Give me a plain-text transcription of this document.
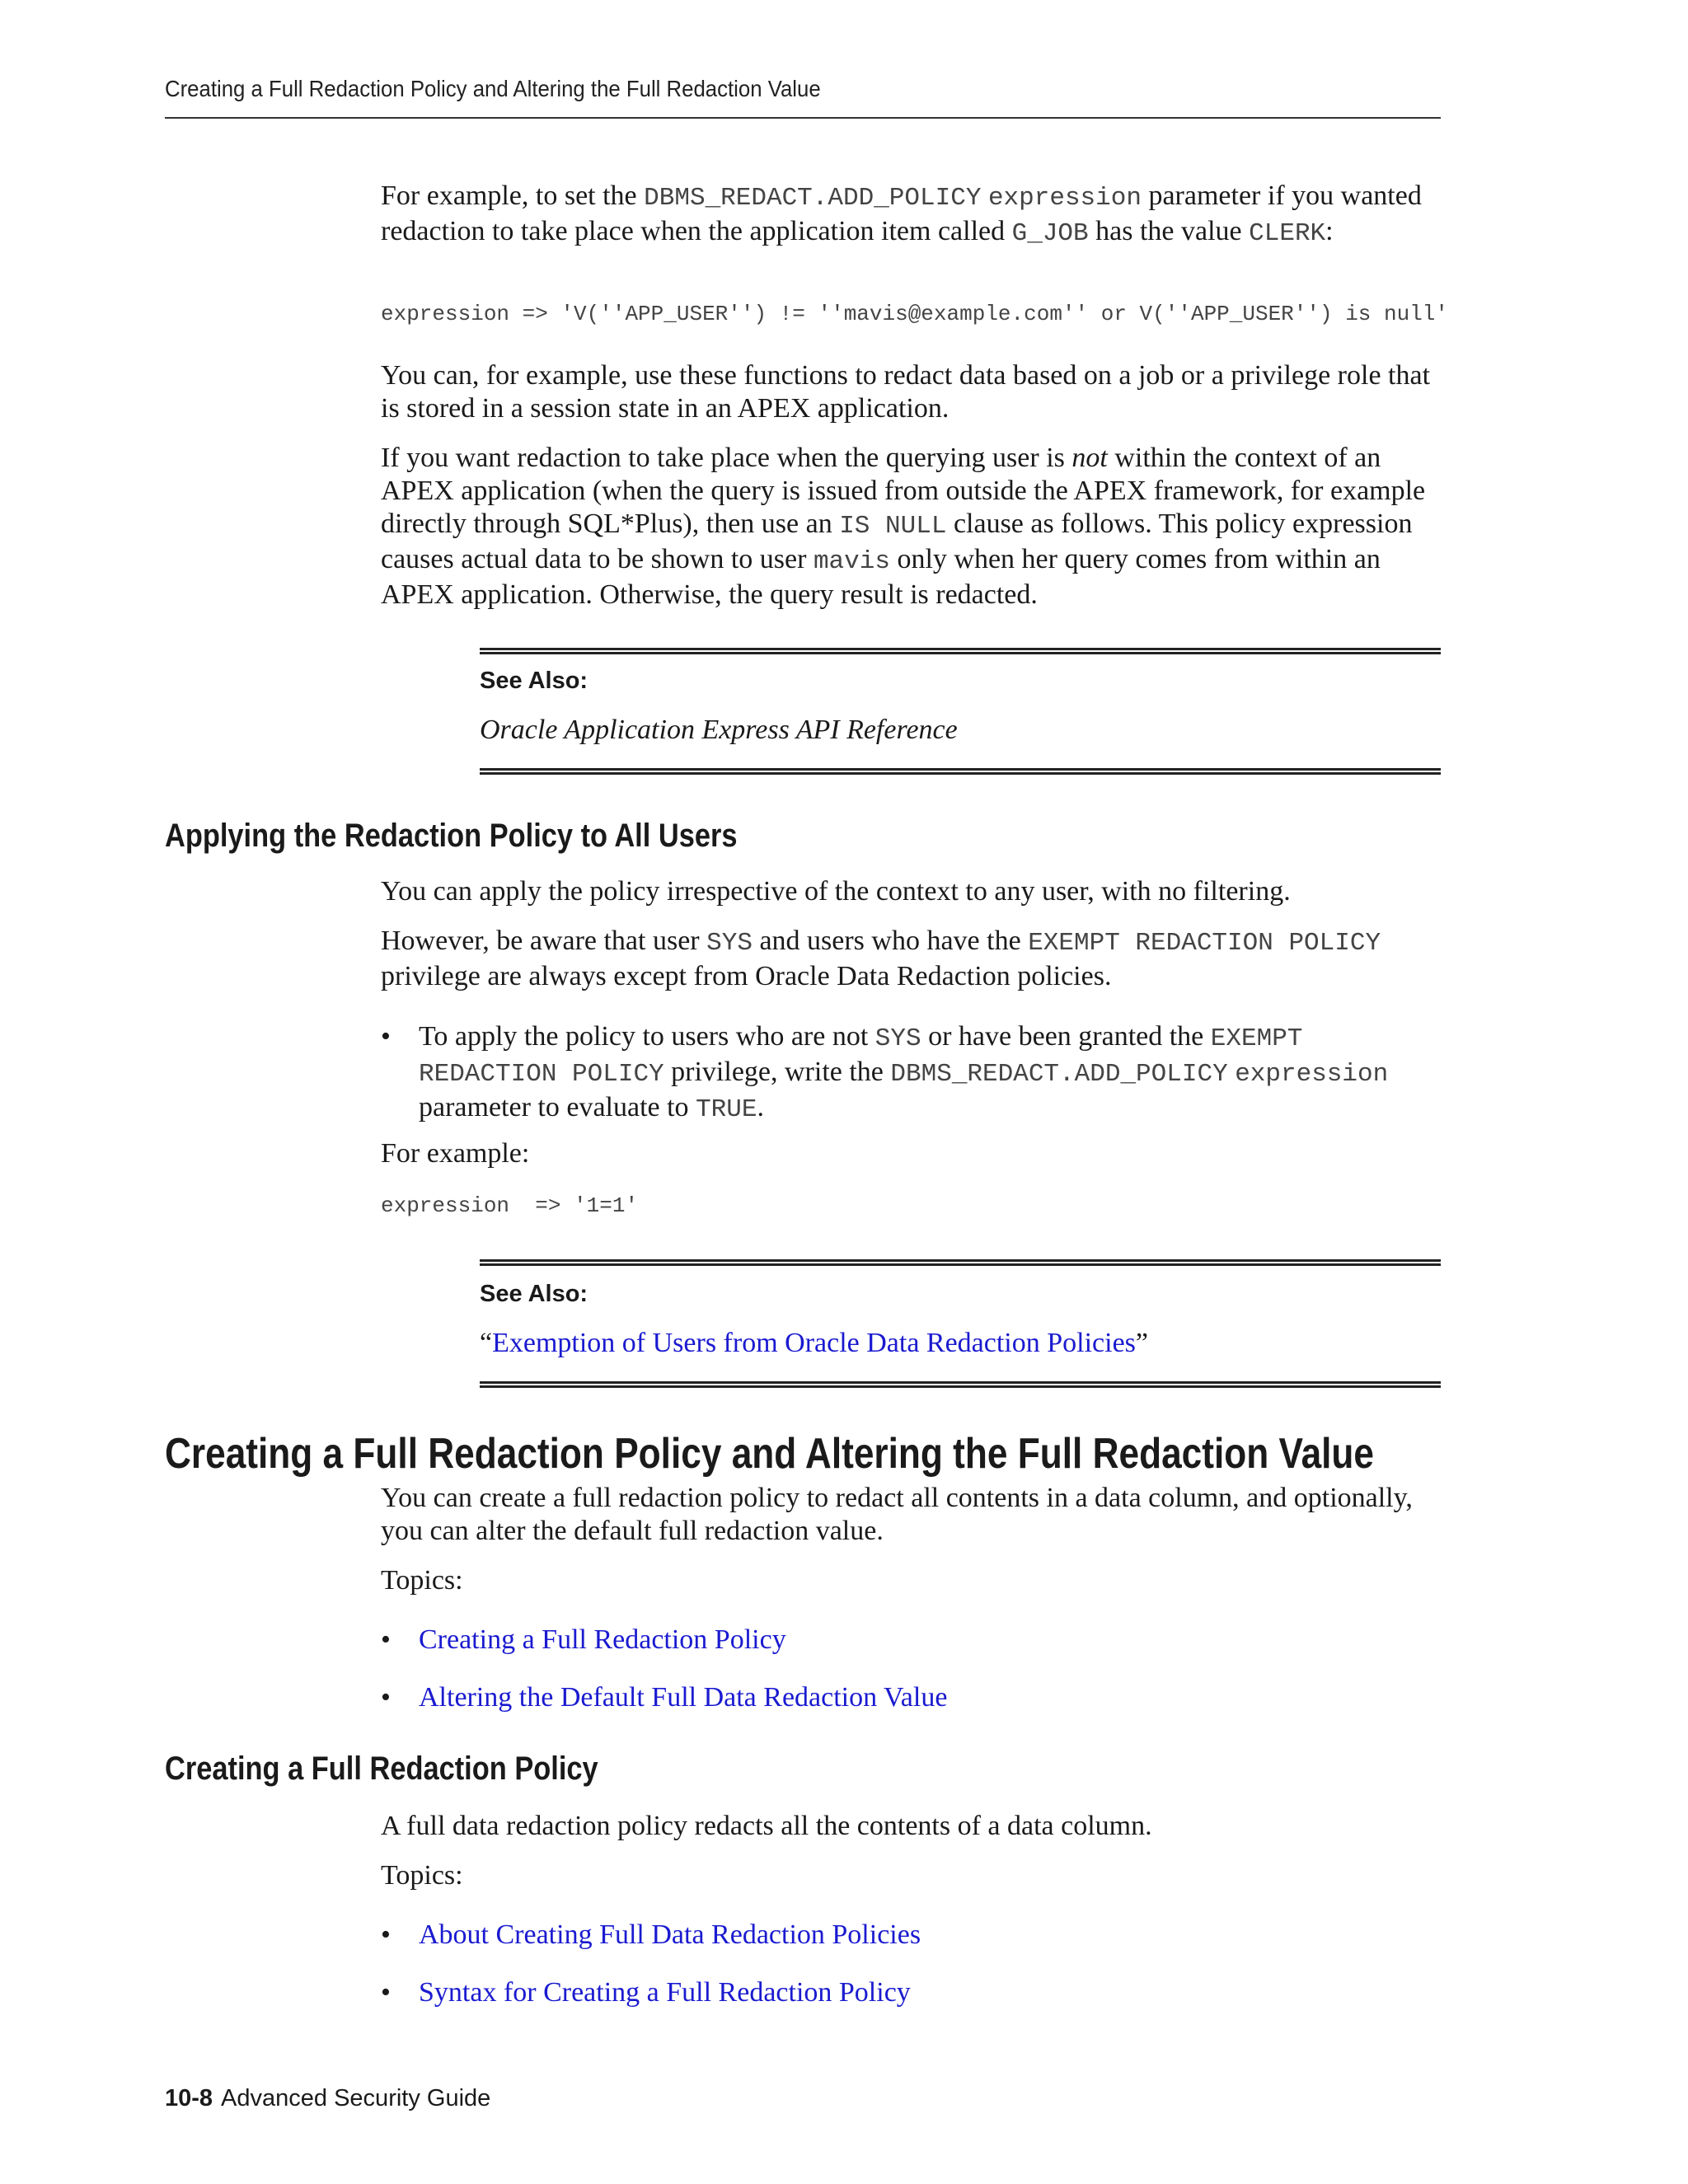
Creating a Full Redaction Policy and Altering the Full Redaction Value

For example, to set the DBMS_REDACT.ADD_POLICY expression parameter if you wanted redaction to take place when the application item called G_JOB has the value CLERK:

expression => 'V(''APP_USER'') != ''mavis@example.com'' or V(''APP_USER'') is null'

You can, for example, use these functions to redact data based on a job or a privilege role that is stored in a session state in an APEX application.

If you want redaction to take place when the querying user is not within the context of an APEX application (when the query is issued from outside the APEX framework, for example directly through SQL*Plus), then use an IS NULL clause as follows. This policy expression causes actual data to be shown to user mavis only when her query comes from within an APEX application. Otherwise, the query result is redacted.

See Also:

Oracle Application Express API Reference

Applying the Redaction Policy to All Users

You can apply the policy irrespective of the context to any user, with no filtering.

However, be aware that user SYS and users who have the EXEMPT REDACTION POLICY privilege are always except from Oracle Data Redaction policies.

• To apply the policy to users who are not SYS or have been granted the EXEMPT REDACTION POLICY privilege, write the DBMS_REDACT.ADD_POLICY expression parameter to evaluate to TRUE.

For example:

expression  => '1=1'
See Also:

“Exemption of Users from Oracle Data Redaction Policies”

Creating a Full Redaction Policy and Altering the Full Redaction Value

You can create a full redaction policy to redact all contents in a data column, and optionally, you can alter the default full redaction value.

Topics:

• Creating a Full Redaction Policy

• Altering the Default Full Data Redaction Value

Creating a Full Redaction Policy

A full data redaction policy redacts all the contents of a data column.

Topics:

• About Creating Full Data Redaction Policies

• Syntax for Creating a Full Redaction Policy

10-8 Advanced Security Guide
